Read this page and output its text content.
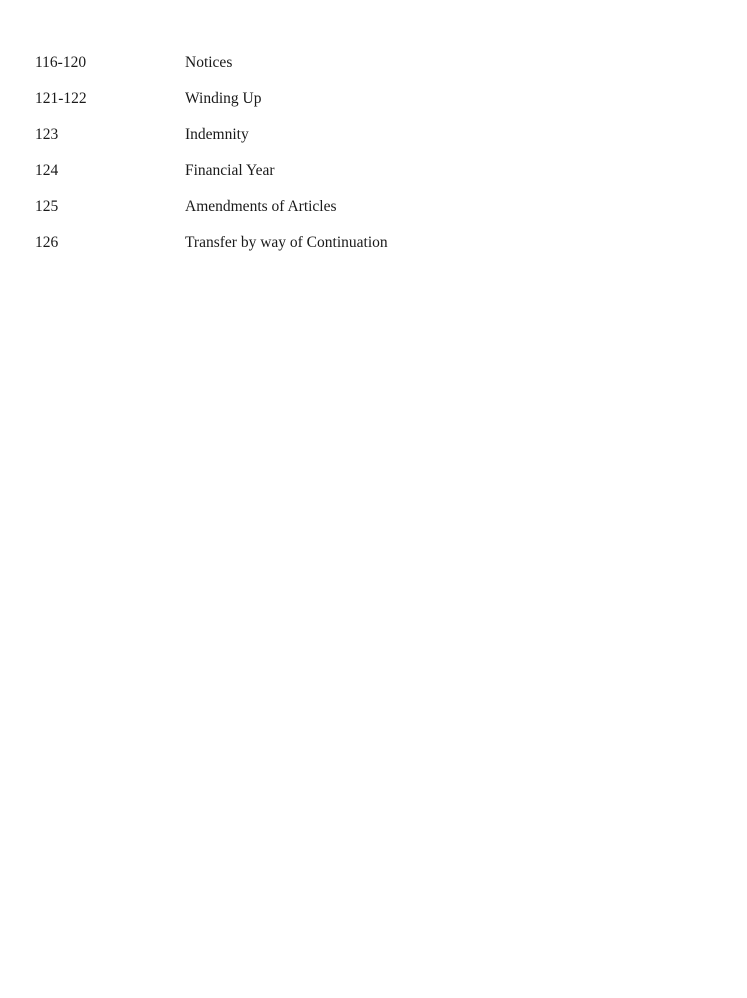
116-120	Notices
121-122	Winding Up
123	Indemnity
124	Financial Year
125	Amendments of Articles
126	Transfer by way of Continuation
